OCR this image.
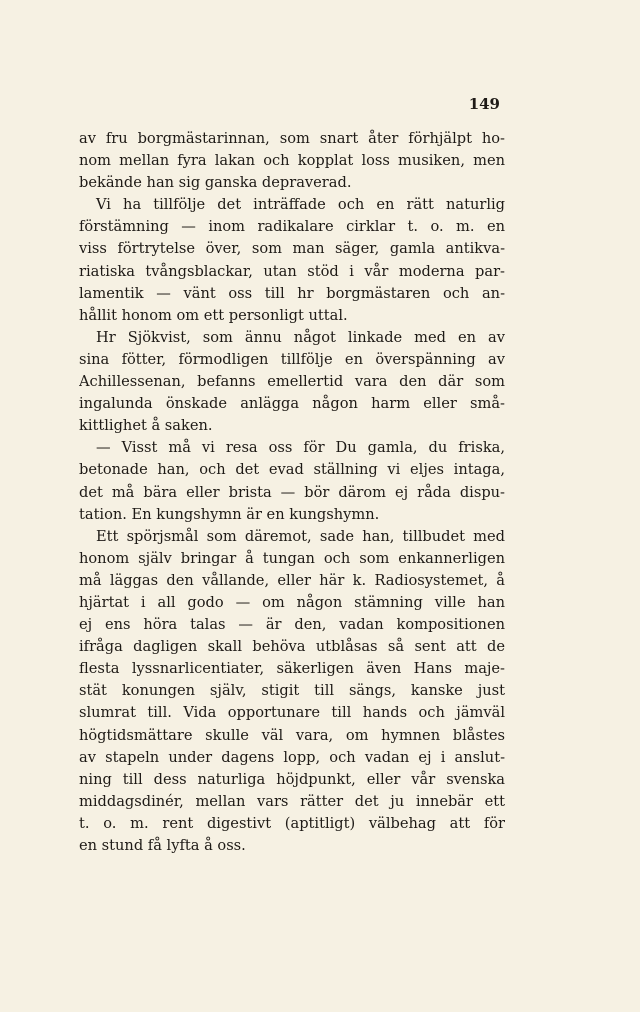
149
av fru borgmästarinnan, som snart åter förhjälpt ho-
nom mellan fyra lakan och kopplat loss musiken, men
bekände han sig ganska depraverad.
Vi ha tillfölje det inträffade och en rätt naturlig
förstämning — inom radikalare cirklar t. o. m. en
viss förtrytelse över, som man säger, gamla antikva-
riatiska tvångsblackar, utan stöd i vår moderna par-
lamentik — vänt oss till hr borgmästaren och an-
hållit honom om ett personligt uttal.
Hr Sjökvist, som ännu något linkade med en av
sina fötter, förmodligen tillfölje en överspänning av
Achillessenan, befanns emellertid vara den där som
ingalunda önskade anlägga någon harm eller små-
kittlighet å saken.
— Visst må vi resa oss för Du gamla, du friska,
betonade han, och det evad ställning vi eljes intaga,
det må bära eller brista — bör därom ej råda dispu-
tation. En kungshymn är en kungshymn.
Ett spörjsmål som däremot, sade han, tillbudet med
honom själv bringar å tungan och som enkannerligen
må läggas den vållande, eller här k. Radiosystemet, å
hjärtat i all godo — om någon stämning ville han
ej ens höra talas — är den, vadan kompositionen
ifråga dagligen skall behöva utblåsas så sent att de
flesta lyssnarlicentiater, säkerligen även Hans maje-
stät konungen själv, stigit till sängs, kanske just
slumrat till. Vida opportunare till hands och jämväl
högtidsmättare skulle väl vara, om hymnen blåstes
av stapeln under dagens lopp, och vadan ej i anslut-
ning till dess naturliga höjdpunkt, eller vår svenska
middagsdinér, mellan vars rätter det ju innebär ett
t. o. m. rent digestivt (aptitligt) välbehag att för
en stund få lyfta å oss.
